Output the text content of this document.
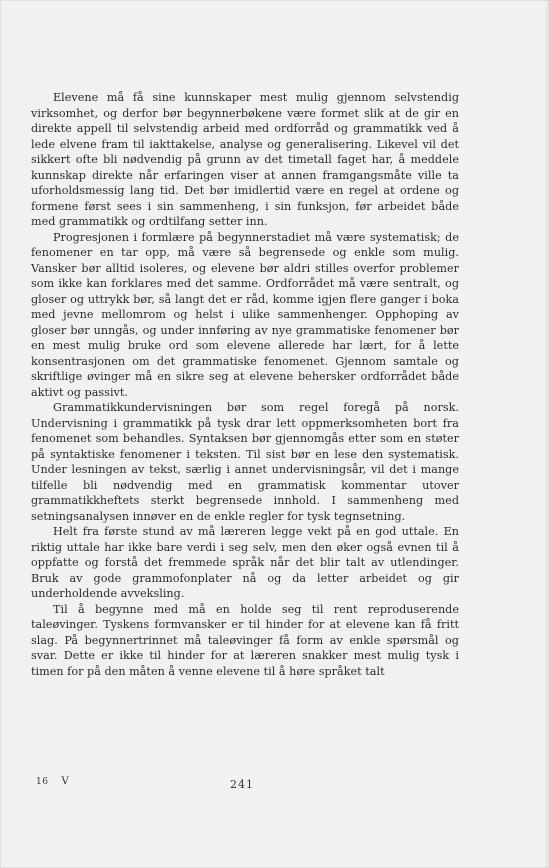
Elevene må få sine kunnskaper mest mulig gjennom selvstendig virksomhet, og derfor bør begynnerbøkene være formet slik at de gir en direkte appell til selvstendig arbeid med ordforråd og grammatikk ved å lede elvene fram til iakttakelse, analyse og generalisering. Likevel vil det sikkert ofte bli nødvendig på grunn av det timetall faget har, å meddele kunnskap direkte når erfaringen viser at annen framgangsmåte ville ta uforholdsmessig lang tid. Det bør imidlertid være en regel at ordene og formene først sees i sin sammenheng, i sin funksjon, før arbeidet både med grammatikk og ordtilfang setter inn.

Progresjonen i formlære på begynnerstadiet må være systematisk; de fenomener en tar opp, må være så begrensede og enkle som mulig. Vansker bør alltid isoleres, og elevene bør aldri stilles overfor problemer som ikke kan forklares med det samme. Ordforrådet må være sentralt, og gloser og uttrykk bør, så langt det er råd, komme igjen flere ganger i boka med jevne mellomrom og helst i ulike sammenhenger. Opphoping av gloser bør unngås, og under innføring av nye grammatiske fenomener bør en mest mulig bruke ord som elevene allerede har lært, for å lette konsentrasjonen om det grammatiske fenomenet. Gjennom samtale og skriftlige øvinger må en sikre seg at elevene behersker ordforrådet både aktivt og passivt.

Grammatikkundervisningen bør som regel foregå på norsk. Undervisning i grammatikk på tysk drar lett oppmerksomheten bort fra fenomenet som behandles. Syntaksen bør gjennomgås etter som en støter på syntaktiske fenomener i teksten. Til sist bør en lese den systematisk. Under lesningen av tekst, særlig i annet undervisningsår, vil det i mange tilfelle bli nødvendig med en grammatisk kommentar utover grammatikkheftets sterkt begrensede innhold. I sammenheng med setningsanalysen innøver en de enkle regler for tysk tegnsetning.

Helt fra første stund av må læreren legge vekt på en god uttale. En riktig uttale har ikke bare verdi i seg selv, men den øker også evnen til å oppfatte og forstå det fremmede språk når det blir talt av utlendinger. Bruk av gode grammofonplater nå og da letter arbeidet og gir underholdende avveksling.

Til å begynne med må en holde seg til rent reproduserende taleøvinger. Tyskens formvansker er til hinder for at elevene kan få fritt slag. På begynnertrinnet må taleøvinger få form av enkle spørsmål og svar. Dette er ikke til hinder for at læreren snakker mest mulig tysk i timen for på den måten å venne elevene til å høre språket talt

16 V	241
